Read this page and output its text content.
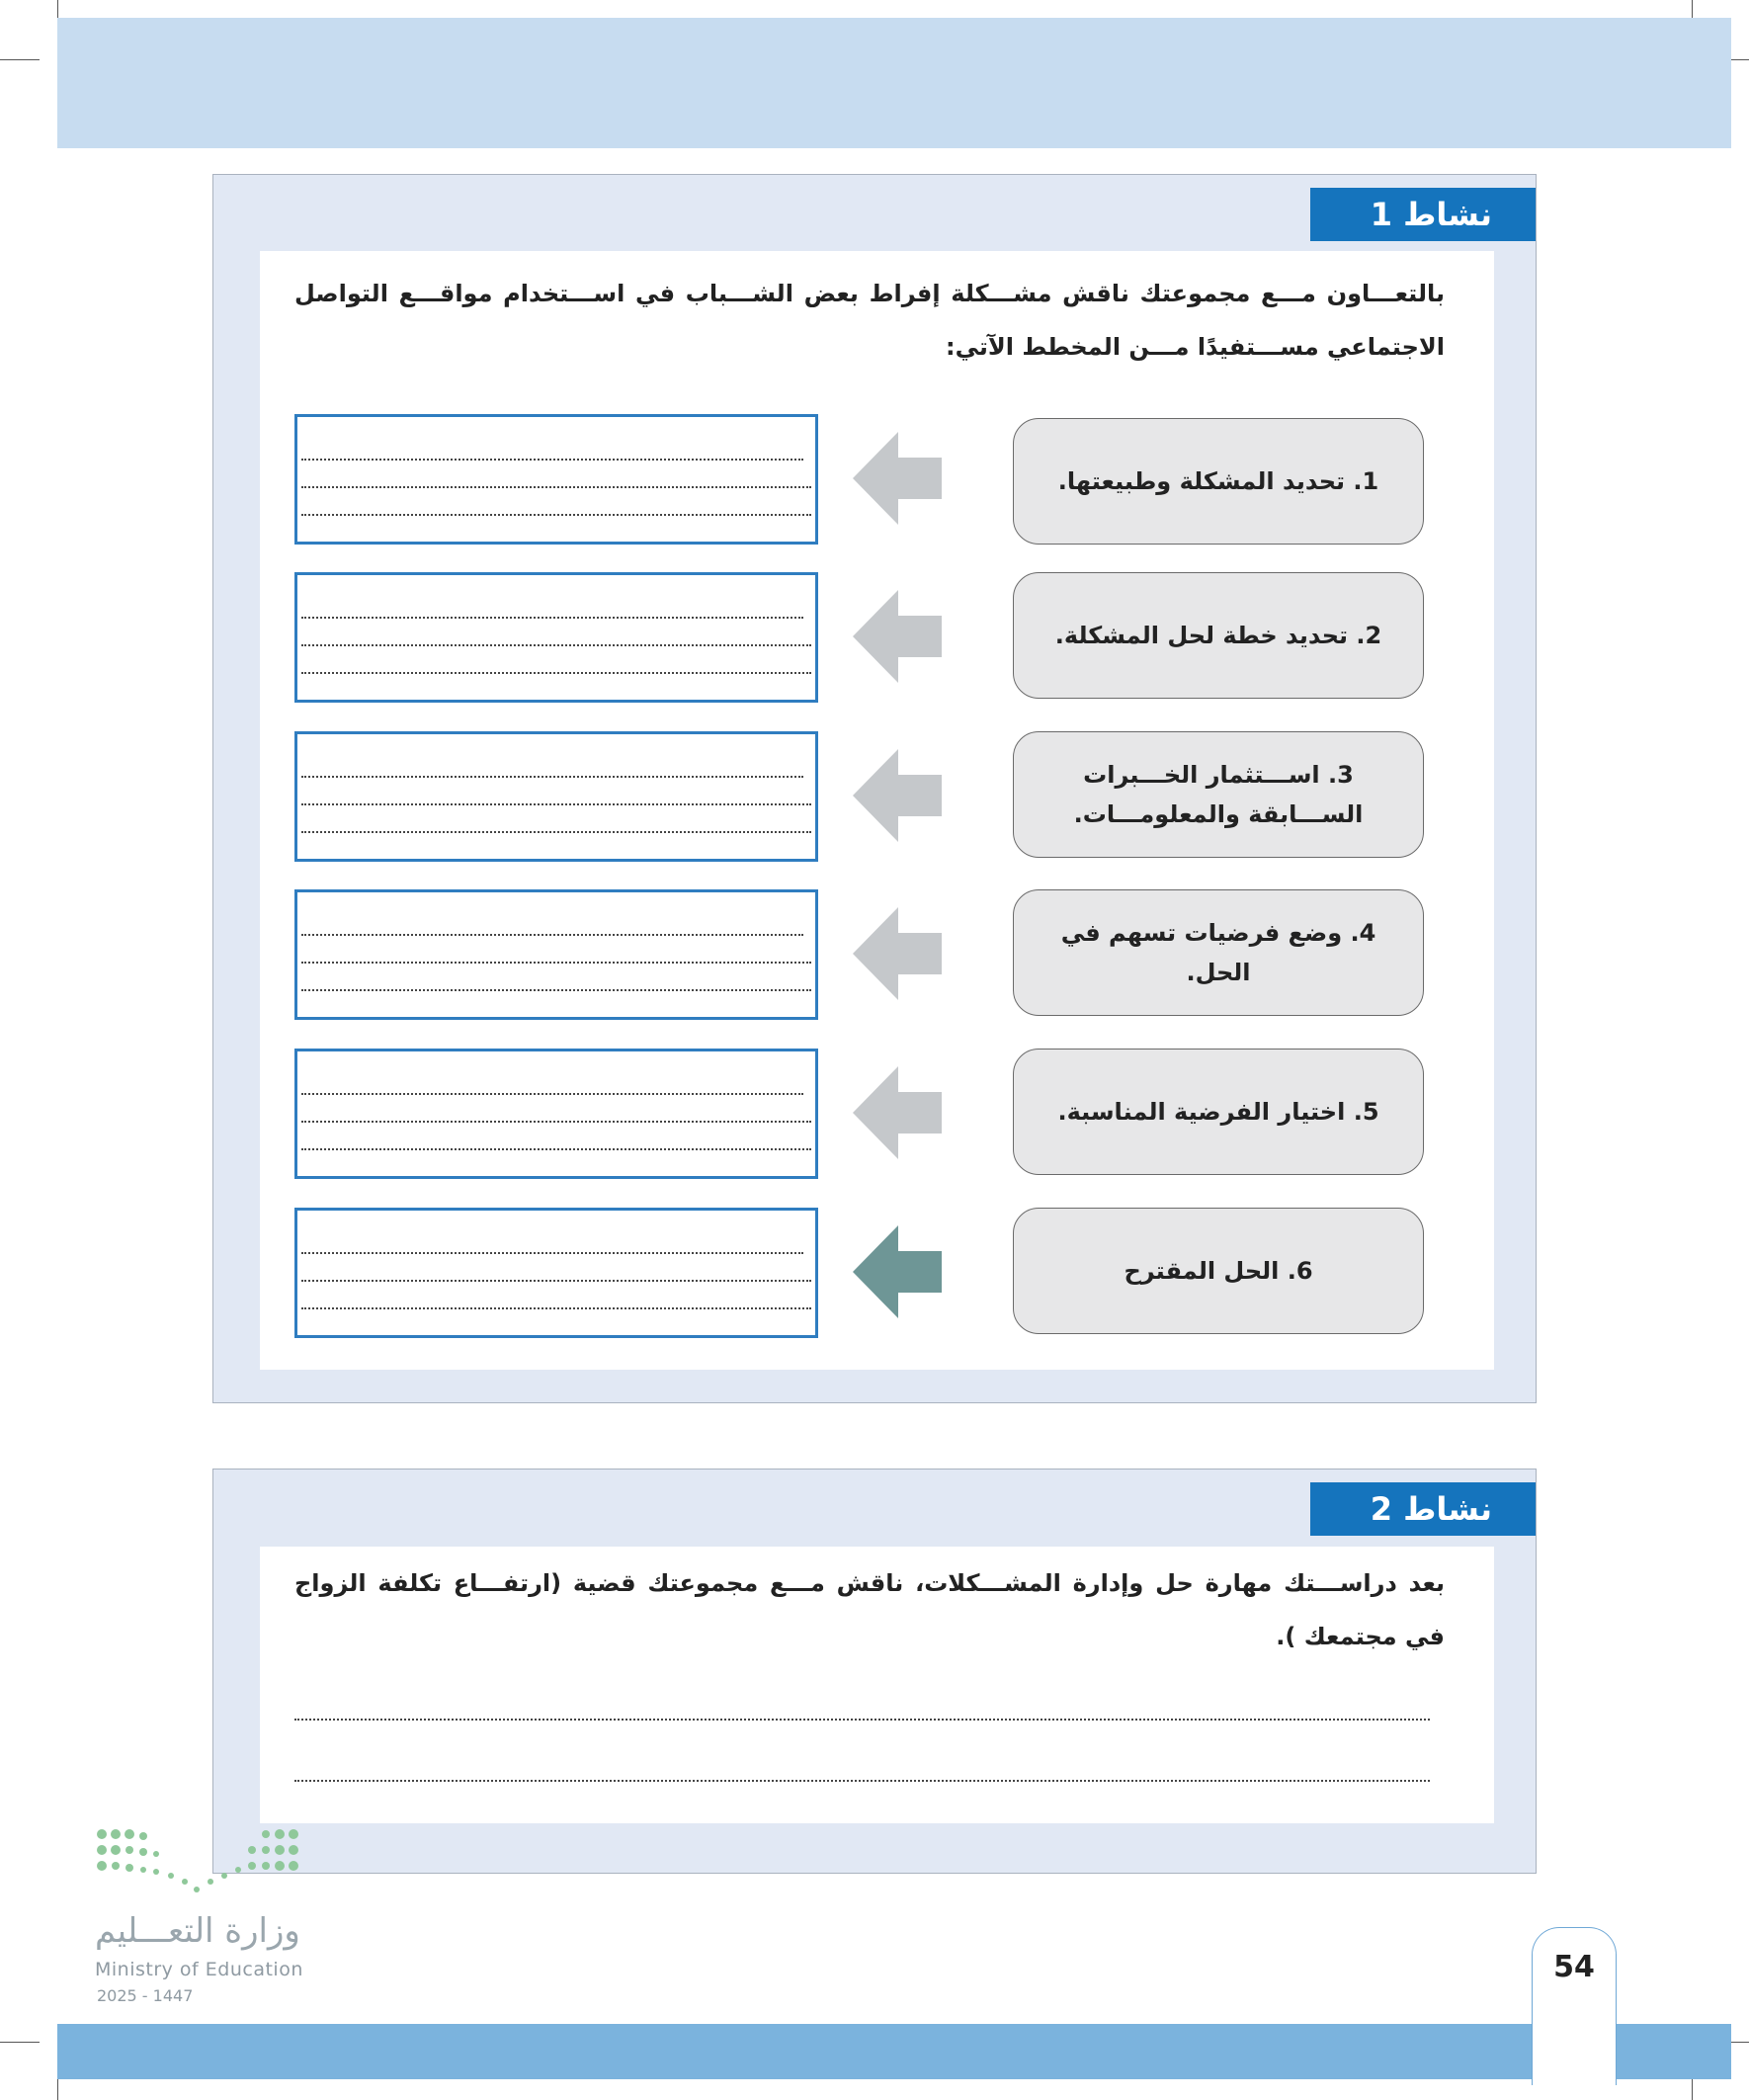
نشاط 1
بالتعـــاون مـــع مجموعتك ناقش مشـــكلة إفراط بعض الشـــباب في اســـتخدام مواقـــع التواصل الاجتماعي مســـتفيدًا مـــن المخطط الآتي:
1. تحديد المشكلة وطبيعتها.
2. تحديد خطة لحل المشكلة.
3. اســـتثمار الخـــبرات الســـابقة والمعلومـــات.
4. وضع فرضيات تسهم في الحل.
5. اختيار الفرضية المناسبة.
6. الحل المقترح
نشاط 2
بعد دراســـتك مهارة حل وإدارة المشـــكلات، ناقش مـــع مجموعتك قضية (ارتفـــاع تكلفة الزواج في مجتمعك ).
وزارة التعـــليم
Ministry of Education
2025 - 1447
54
